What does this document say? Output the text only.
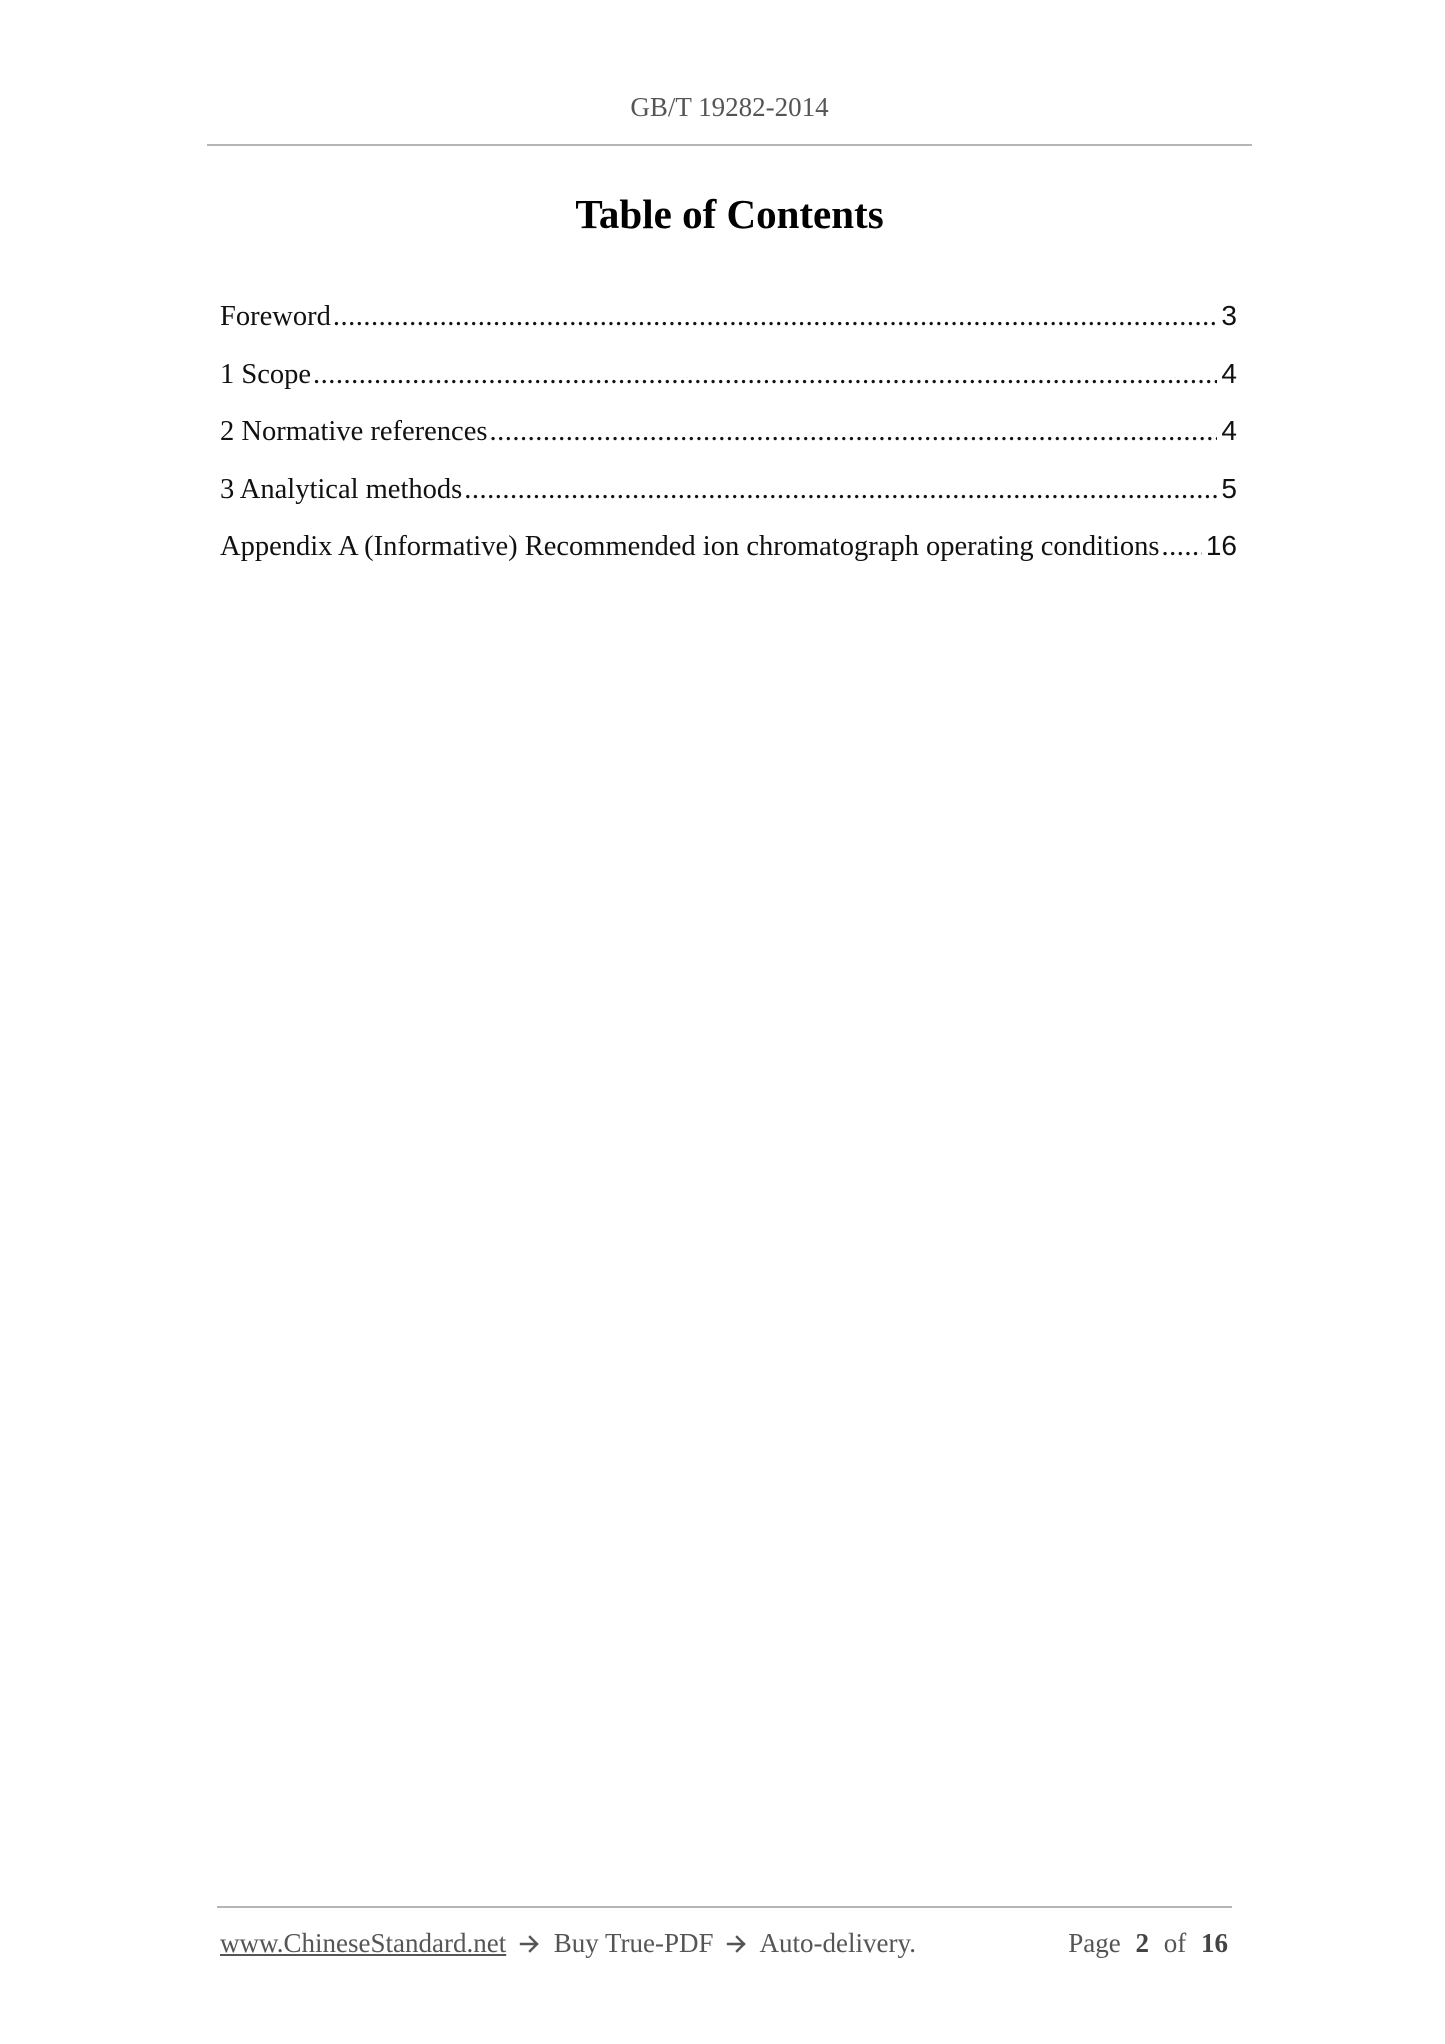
GB/T 19282-2014
Table of Contents
Foreword .....	3
1 Scope .....	4
2 Normative references .....	4
3 Analytical methods .....	5
Appendix A (Informative) Recommended ion chromatograph operating conditions ..... 16
www.ChineseStandard.net Buy True-PDF Auto-delivery.	Page 2 of 16
